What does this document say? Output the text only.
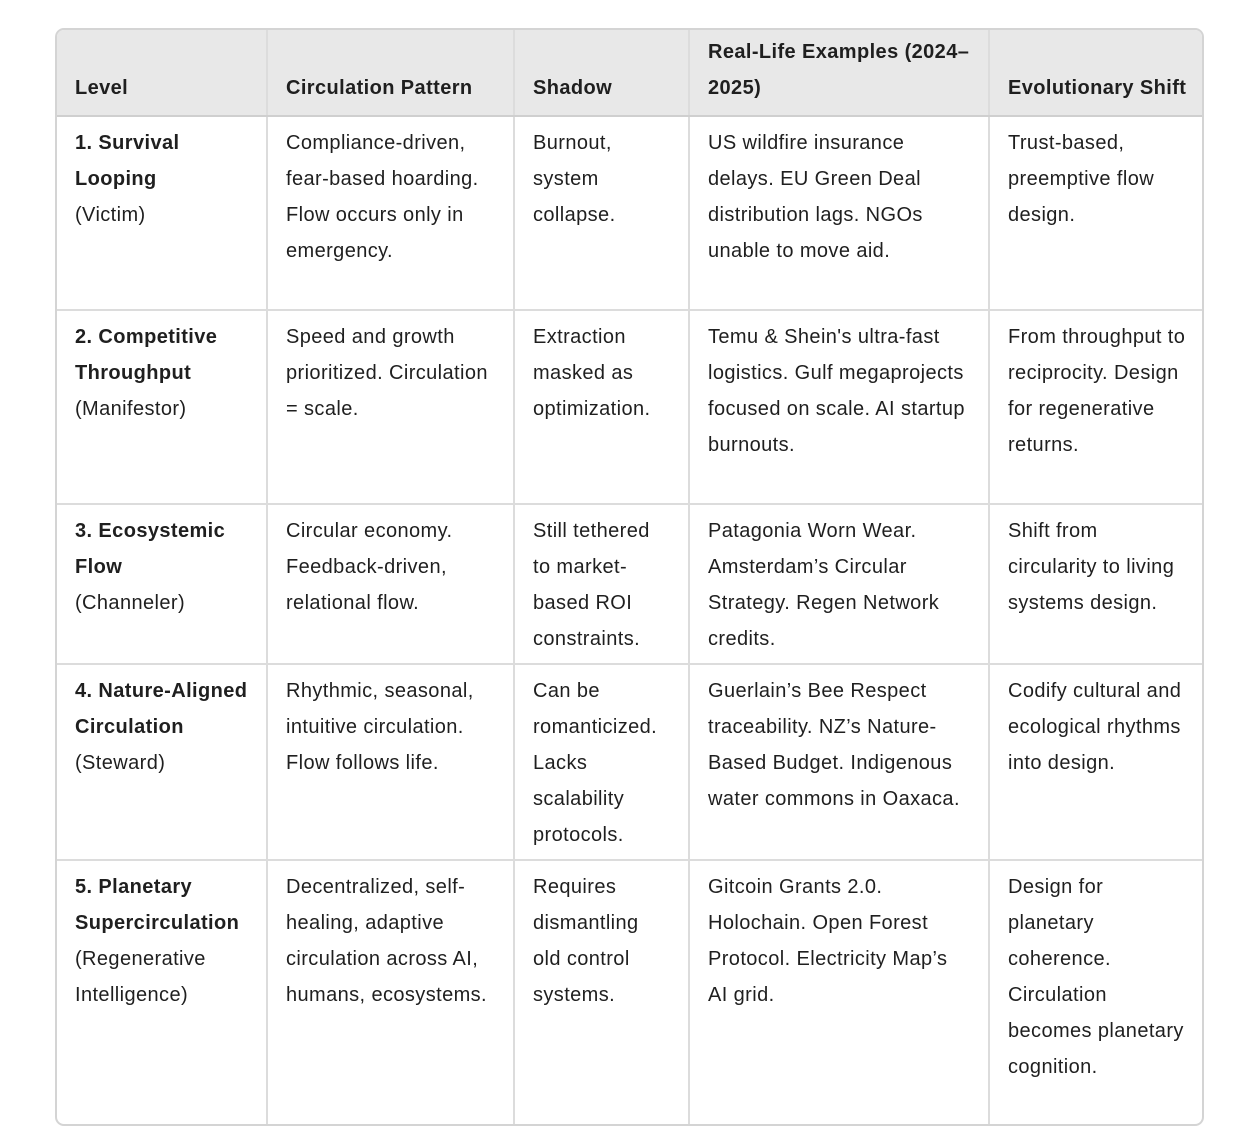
Level	Circulation Pattern	Shadow	Real-Life Examples (2024–2025)	Evolutionary Shift

1. Survival Looping
(Victim)	Compliance-driven, fear-based hoarding. Flow occurs only in emergency.	Burnout, system collapse.	US wildfire insurance delays. EU Green Deal distribution lags. NGOs unable to move aid.	Trust-based, preemptive flow design.

2. Competitive Throughput
(Manifestor)	Speed and growth prioritized. Circulation = scale.	Extraction masked as optimization.	Temu & Shein's ultra-fast logistics. Gulf megaprojects focused on scale. AI startup burnouts.	From throughput to reciprocity. Design for regenerative returns.

3. Ecosystemic Flow
(Channeler)	Circular economy. Feedback-driven, relational flow.	Still tethered to market-based ROI constraints.	Patagonia Worn Wear. Amsterdam’s Circular Strategy. Regen Network credits.	Shift from circularity to living systems design.

4. Nature-Aligned Circulation
(Steward)	Rhythmic, seasonal, intuitive circulation. Flow follows life.	Can be romanticized. Lacks scalability protocols.	Guerlain’s Bee Respect traceability. NZ’s Nature-Based Budget. Indigenous water commons in Oaxaca.	Codify cultural and ecological rhythms into design.

5. Planetary Supercirculation
(Regenerative Intelligence)	Decentralized, self-healing, adaptive circulation across AI, humans, ecosystems.	Requires dismantling old control systems.	Gitcoin Grants 2.0. Holochain. Open Forest Protocol. Electricity Map’s AI grid.	Design for planetary coherence. Circulation becomes planetary cognition.
